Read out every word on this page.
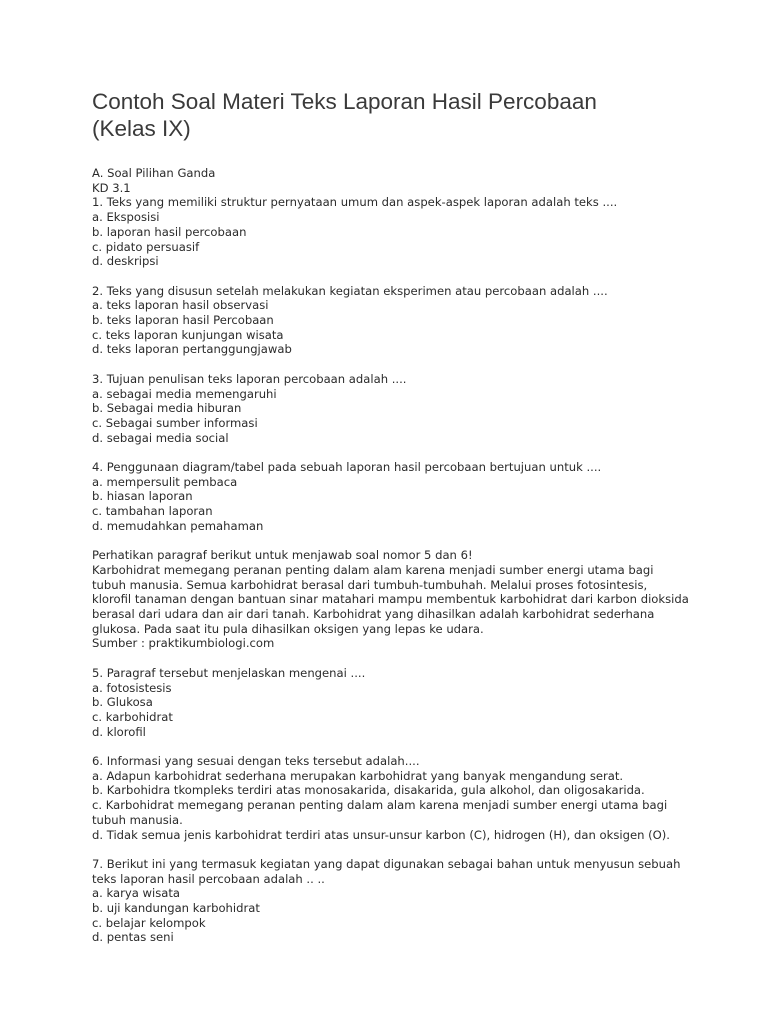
Contoh Soal Materi Teks Laporan Hasil Percobaan
(Kelas IX)
A. Soal Pilihan Ganda
KD 3.1
1. Teks yang memiliki struktur pernyataan umum dan aspek-aspek laporan adalah teks ....
a. Eksposisi
b. laporan hasil percobaan
c. pidato persuasif
d. deskripsi
2. Teks yang disusun setelah melakukan kegiatan eksperimen atau percobaan adalah ....
a. teks laporan hasil observasi
b. teks laporan hasil Percobaan
c. teks laporan kunjungan wisata
d. teks laporan pertanggungjawab
3. Tujuan penulisan teks laporan percobaan adalah ....
a. sebagai media memengaruhi
b. Sebagai media hiburan
c. Sebagai sumber informasi
d. sebagai media social
4. Penggunaan diagram/tabel pada sebuah laporan hasil percobaan bertujuan untuk ....
a. mempersulit pembaca
b. hiasan laporan
c. tambahan laporan
d. memudahkan pemahaman
Perhatikan paragraf berikut untuk menjawab soal nomor 5 dan 6!
Karbohidrat memegang peranan penting dalam alam karena menjadi sumber energi utama bagi
tubuh manusia. Semua karbohidrat berasal dari tumbuh-tumbuhah. Melalui proses fotosintesis,
klorofil tanaman dengan bantuan sinar matahari mampu membentuk karbohidrat dari karbon dioksida
berasal dari udara dan air dari tanah. Karbohidrat yang dihasilkan adalah karbohidrat sederhana
glukosa. Pada saat itu pula dihasilkan oksigen yang lepas ke udara.
Sumber : praktikumbiologi.com
5. Paragraf tersebut menjelaskan mengenai ....
a. fotosistesis
b. Glukosa
c. karbohidrat
d. klorofil
6. Informasi yang sesuai dengan teks tersebut adalah....
a. Adapun karbohidrat sederhana merupakan karbohidrat yang banyak mengandung serat.
b. Karbohidra tkompleks terdiri atas monosakarida, disakarida, gula alkohol, dan oligosakarida.
c. Karbohidrat memegang peranan penting dalam alam karena menjadi sumber energi utama bagi
tubuh manusia.
d. Tidak semua jenis karbohidrat terdiri atas unsur-unsur karbon (C), hidrogen (H), dan oksigen (O).
7. Berikut ini yang termasuk kegiatan yang dapat digunakan sebagai bahan untuk menyusun sebuah
teks laporan hasil percobaan adalah .. ..
a. karya wisata
b. uji kandungan karbohidrat
c. belajar kelompok
d. pentas seni
